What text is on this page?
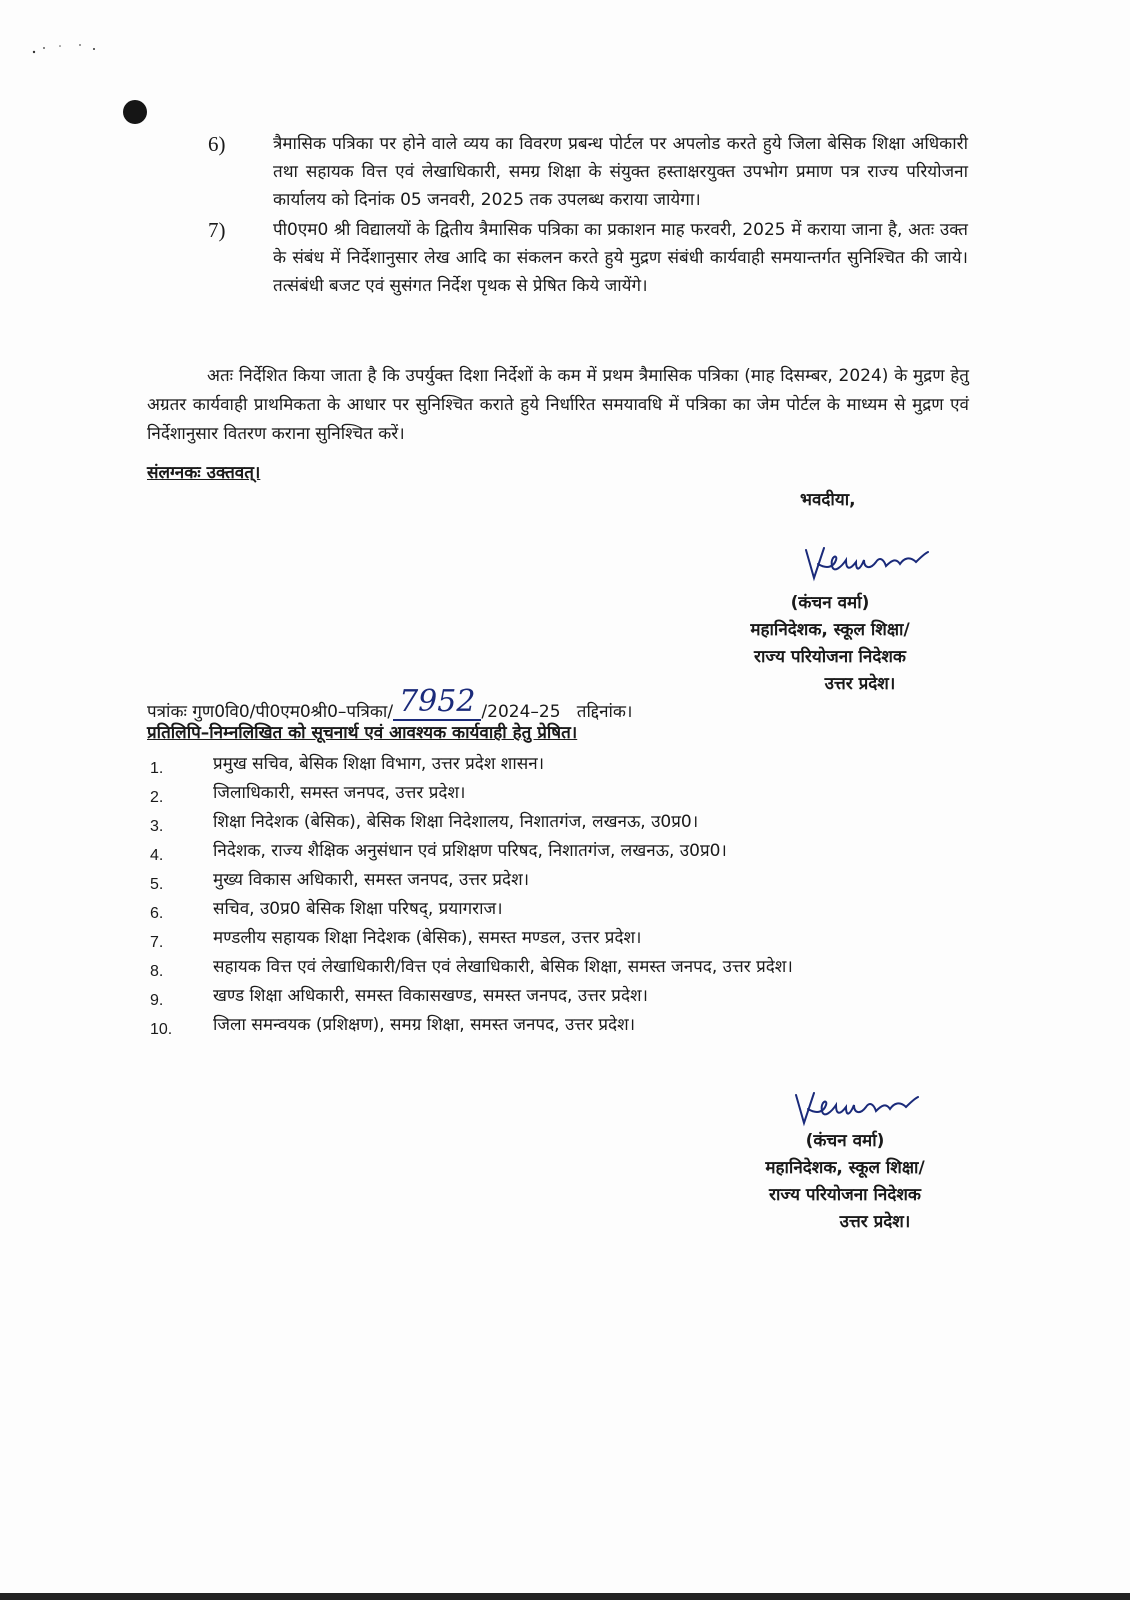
6)	त्रैमासिक पत्रिका पर होने वाले व्यय का विवरण प्रबन्ध पोर्टल पर अपलोड करते हुये जिला बेसिक शिक्षा अधिकारी तथा सहायक वित्त एवं लेखाधिकारी, समग्र शिक्षा के संयुक्त हस्ताक्षरयुक्त उपभोग प्रमाण पत्र राज्य परियोजना कार्यालय को दिनांक 05 जनवरी, 2025 तक उपलब्ध कराया जायेगा।
7)	पी0एम0 श्री विद्यालयों के द्वितीय त्रैमासिक पत्रिका का प्रकाशन माह फरवरी, 2025 में कराया जाना है, अतः उक्त के संबंध में निर्देशानुसार लेख आदि का संकलन करते हुये मुद्रण संबंधी कार्यवाही समयान्तर्गत सुनिश्चित की जाये। तत्संबंधी बजट एवं सुसंगत निर्देश पृथक से प्रेषित किये जायेंगे।
अतः निर्देशित किया जाता है कि उपर्युक्त दिशा निर्देशों के कम में प्रथम त्रैमासिक पत्रिका (माह दिसम्बर, 2024) के मुद्रण हेतु अग्रतर कार्यवाही प्राथमिकता के आधार पर सुनिश्चित कराते हुये निर्धारित समयावधि में पत्रिका का जेम पोर्टल के माध्यम से मुद्रण एवं निर्देशानुसार वितरण कराना सुनिश्चित करें।
संलग्नकः उक्तवत्।
भवदीया,
(कंचन वर्मा)
महानिदेशक, स्कूल शिक्षा/
राज्य परियोजना निदेशक
उत्तर प्रदेश।
पत्रांकः गुण0वि0/पी0एम0श्री0–पत्रिका/ 7952 /2024–25 तद्दिनांक।
प्रतिलिपि–निम्नलिखित को सूचनार्थ एवं आवश्यक कार्यवाही हेतु प्रेषित।
1.	प्रमुख सचिव, बेसिक शिक्षा विभाग, उत्तर प्रदेश शासन।
2.	जिलाधिकारी, समस्त जनपद, उत्तर प्रदेश।
3.	शिक्षा निदेशक (बेसिक), बेसिक शिक्षा निदेशालय, निशातगंज, लखनऊ, उ0प्र0।
4.	निदेशक, राज्य शैक्षिक अनुसंधान एवं प्रशिक्षण परिषद, निशातगंज, लखनऊ, उ0प्र0।
5.	मुख्य विकास अधिकारी, समस्त जनपद, उत्तर प्रदेश।
6.	सचिव, उ0प्र0 बेसिक शिक्षा परिषद्, प्रयागराज।
7.	मण्डलीय सहायक शिक्षा निदेशक (बेसिक), समस्त मण्डल, उत्तर प्रदेश।
8.	सहायक वित्त एवं लेखाधिकारी/वित्त एवं लेखाधिकारी, बेसिक शिक्षा, समस्त जनपद, उत्तर प्रदेश।
9.	खण्ड शिक्षा अधिकारी, समस्त विकासखण्ड, समस्त जनपद, उत्तर प्रदेश।
10. जिला समन्वयक (प्रशिक्षण), समग्र शिक्षा, समस्त जनपद, उत्तर प्रदेश।
(कंचन वर्मा)
महानिदेशक, स्कूल शिक्षा/
राज्य परियोजना निदेशक
उत्तर प्रदेश।
